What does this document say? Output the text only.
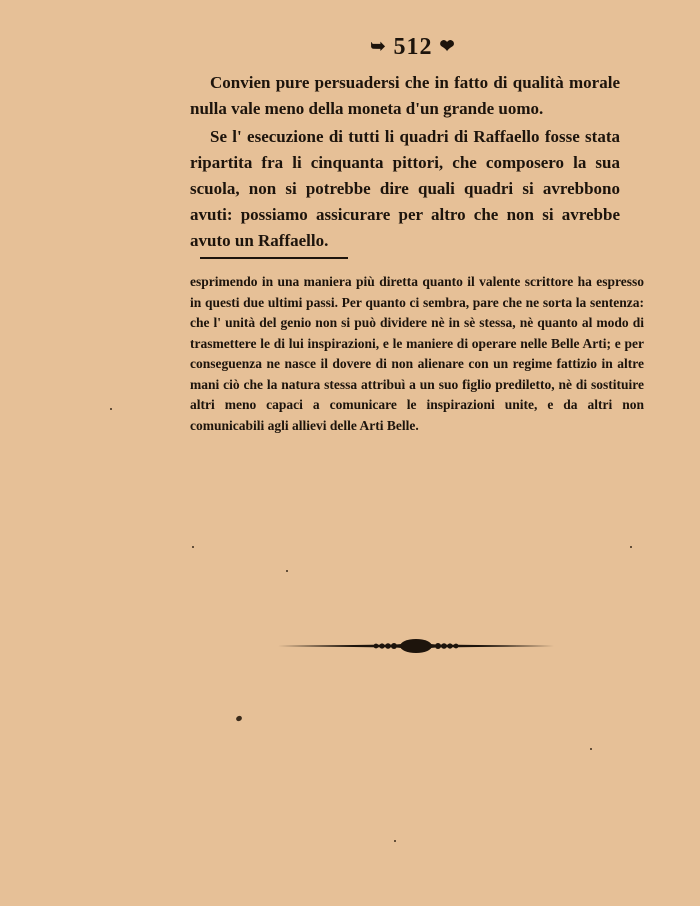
➥ 512 ❤

Convien pure persuadersi che in fatto di qualità morale nulla vale meno della moneta d'un grande uomo.

Se l' esecuzione di tutti li quadri di Raffaello fosse stata ripartita fra li cinquanta pittori, che composero la sua scuola, non si potrebbe dire quali quadri si avrebbono avuti: possiamo assicurare per altro che non si avrebbe avuto un Raffaello.

esprimendo in una maniera più diretta quanto il valente scrittore ha espresso in questi due ultimi passi. Per quanto ci sembra, pare che ne sorta la sentenza: che l' unità del genio non si può dividere nè in sè stessa, nè quanto al modo di trasmettere le di lui inspirazioni, e le maniere di operare nelle Belle Arti; e per conseguenza ne nasce il dovere di non alienare con un regime fattizio in altre mani ciò che la natura stessa attribuì a un suo figlio prediletto, nè di sostituire altri meno capaci a comunicare le inspirazioni unite, e da altri non comunicabili agli allievi delle Arti Belle.
